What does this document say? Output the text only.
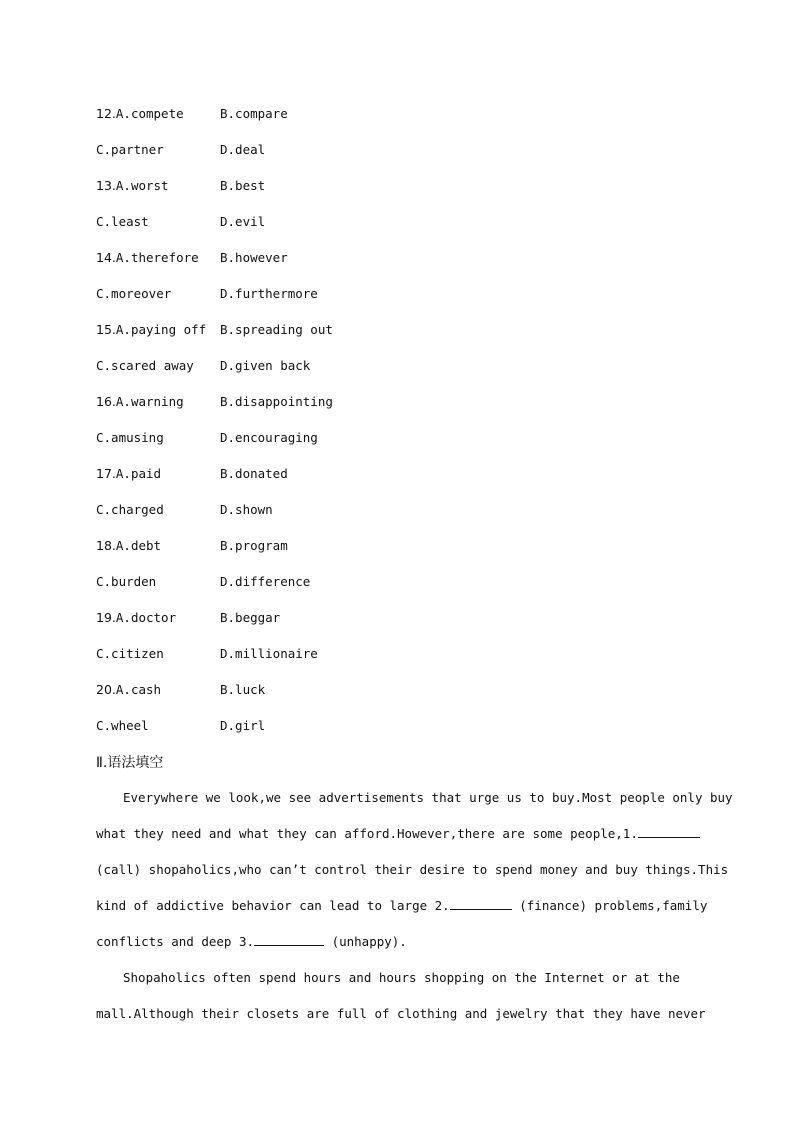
12.A.compete	B.compare
C.partner	D.deal
13.A.worst	B.best
C.least	D.evil
14.A.therefore B.however
C.moreover	D.furthermore
15.A.paying off B.spreading out
C.scared away D.given back
16.A.warning	B.disappointing
C.amusing	D.encouraging
17.A.paid	B.donated
C.charged	D.shown
18.A.debt	B.program
C.burden	D.difference
19.A.doctor	B.beggar
C.citizen	D.millionaire
20.A.cash	B.luck
C.wheel	D.girl
Ⅱ.语法填空
Everywhere we look,we see advertisements that urge us to buy.Most people only buy
what they need and what they can afford.However,there are some people,1.
(call) shopaholics,who can’t control their desire to spend money and buy things.This
kind of addictive behavior can lead to large 2.	(finance) problems,family
conflicts and deep 3.	(unhappy).
Shopaholics often spend hours and hours shopping on the Internet or at the
mall.Although their closets are full of clothing and jewelry that they have never
